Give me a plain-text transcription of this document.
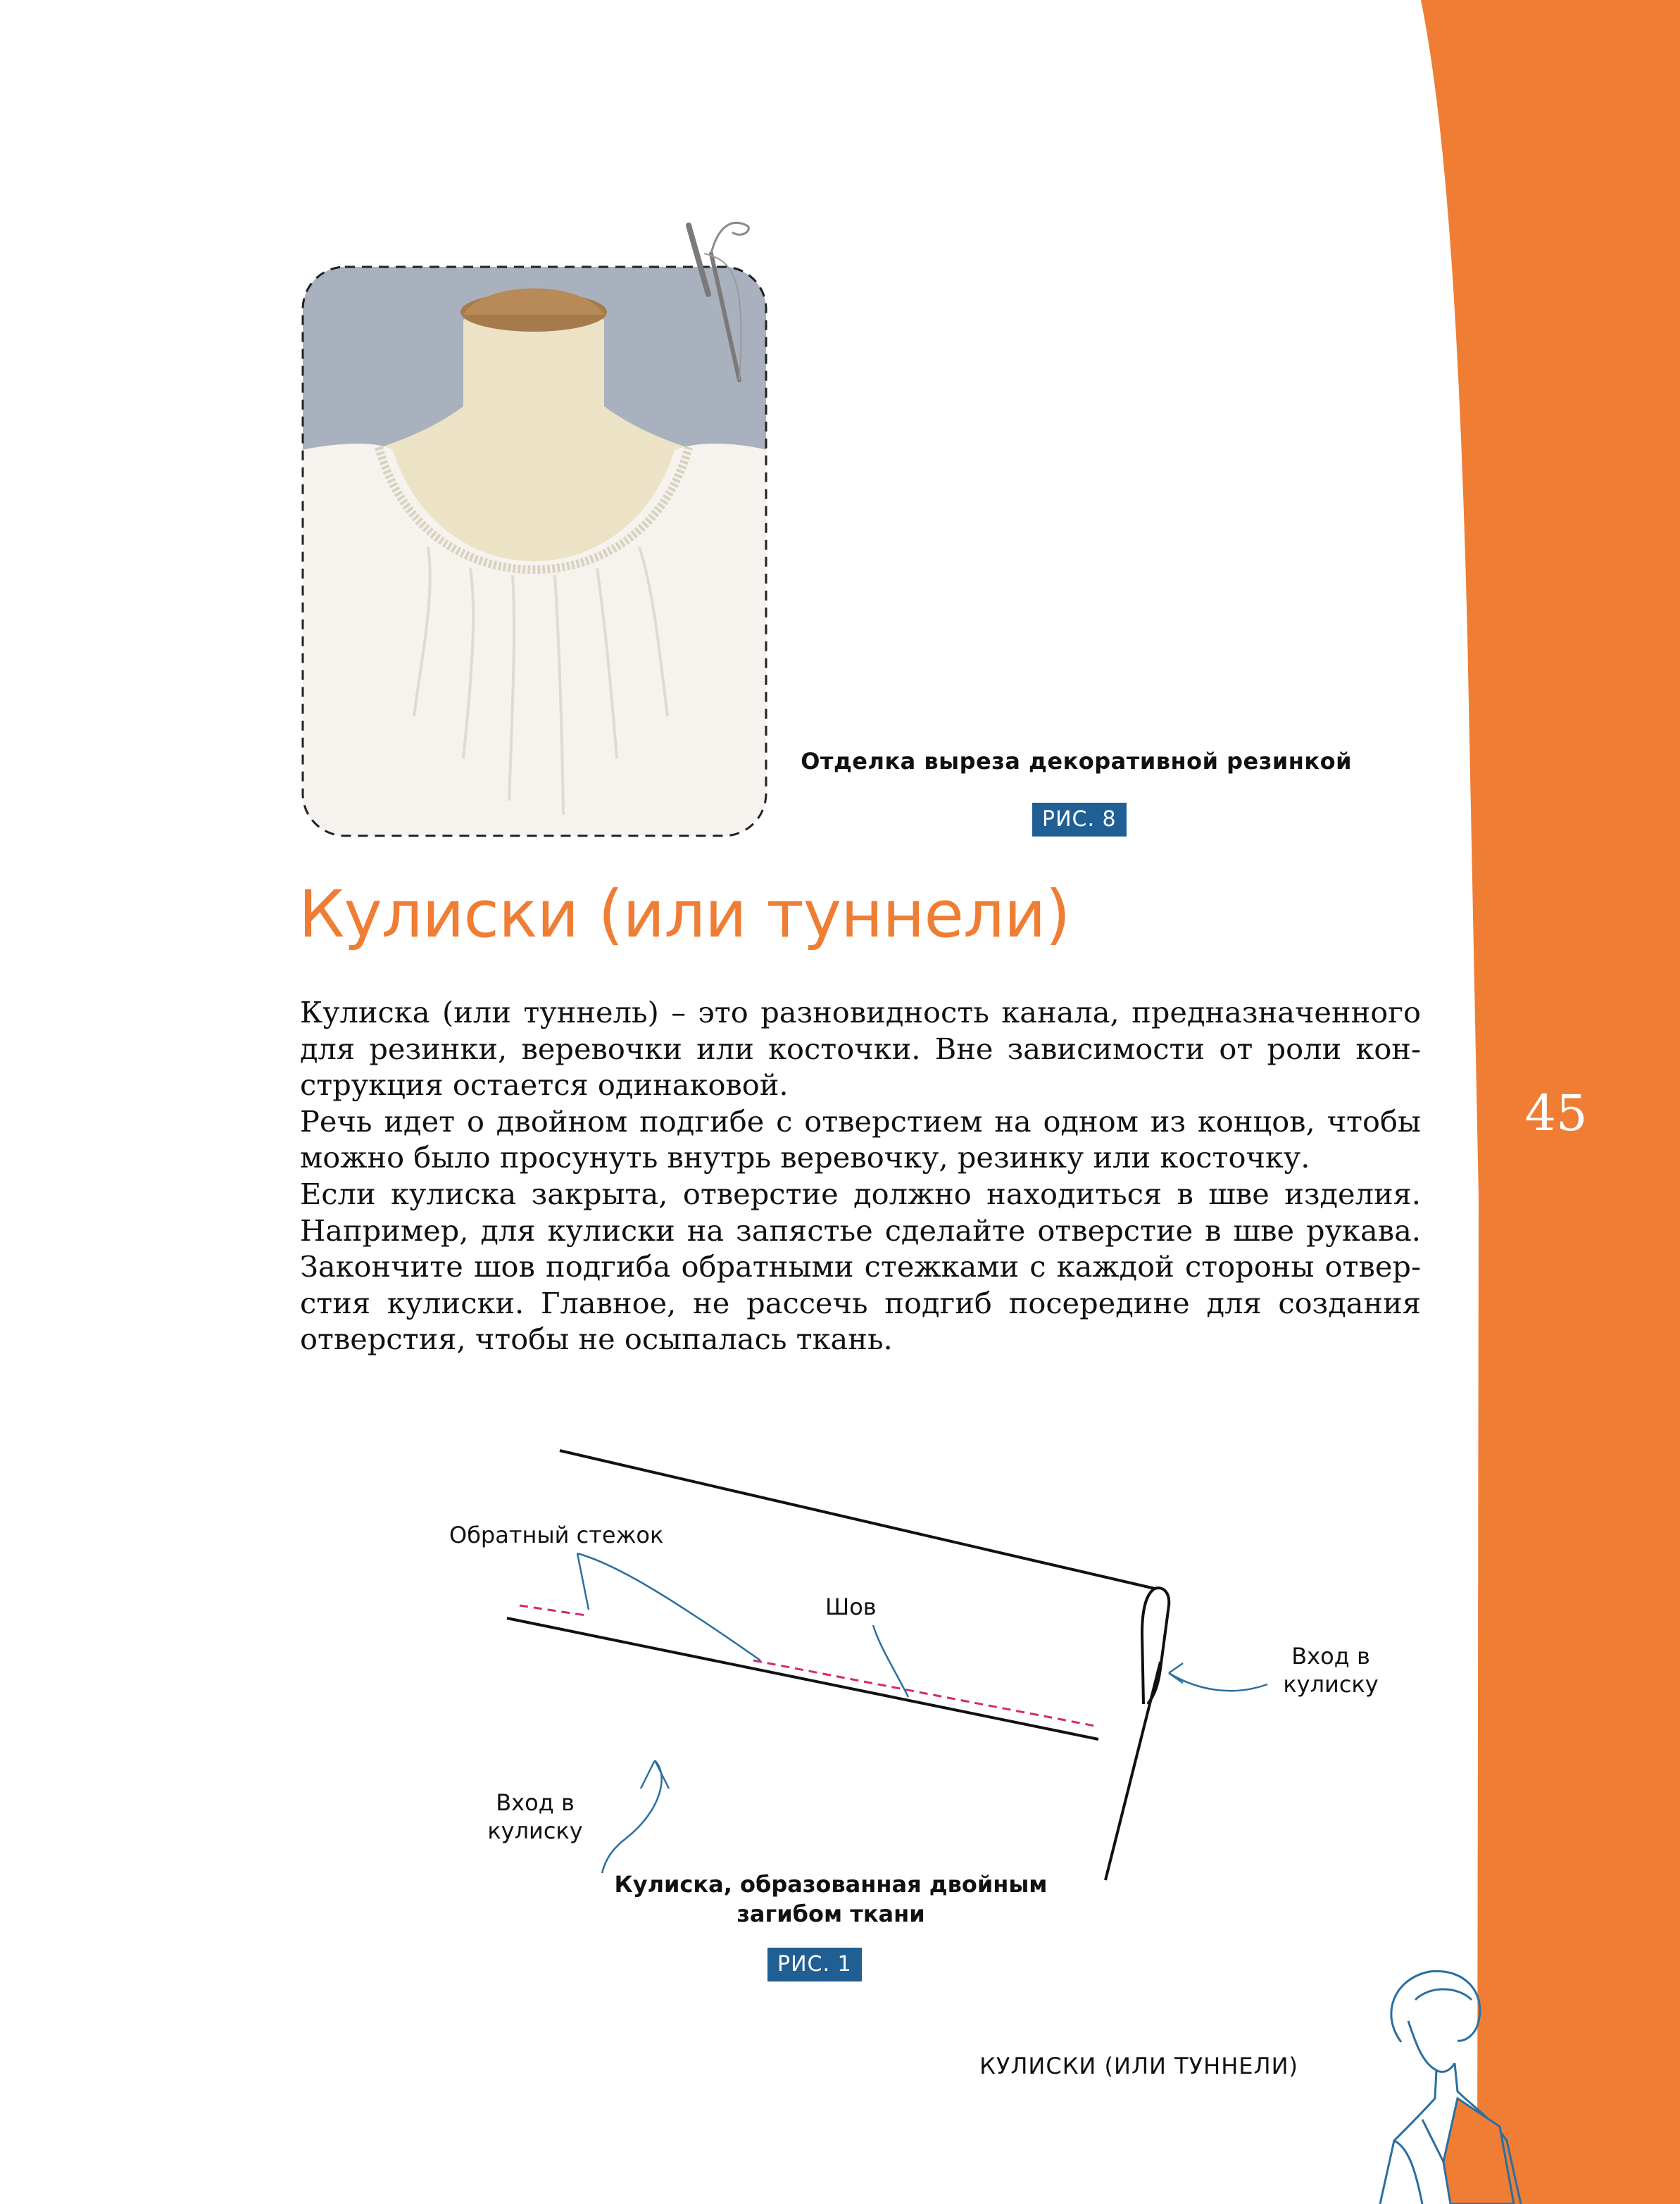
Отделка выреза декоративной резинкой
РИС. 8
Кулиски (или туннели)

Кулиска (или туннель) – это разновидность канала, предназначенного для резинки, веревочки или косточки. Вне зависимости от роли кон-струкция остается одинаковой.

Речь идет о двойном подгибе с отверстием на одном из концов, чтобы можно было просунуть внутрь веревочку, резинку или косточку.

Если кулиска закрыта, отверстие должно находиться в шве изделия. Например, для кулиски на запястье сделайте отверстие в шве рукава. Закончите шов подгиба обратными стежками с каждой стороны отвер-стия кулиски. Главное, не рассечь подгиб посередине для создания отверстия, чтобы не осыпалась ткань.

45
Обратный стежок
Шов
Вход в кулиску
Вход в кулиску
Кулиска, образованная двойным загибом ткани
РИС. 1
КУЛИСКИ (ИЛИ ТУННЕЛИ)
